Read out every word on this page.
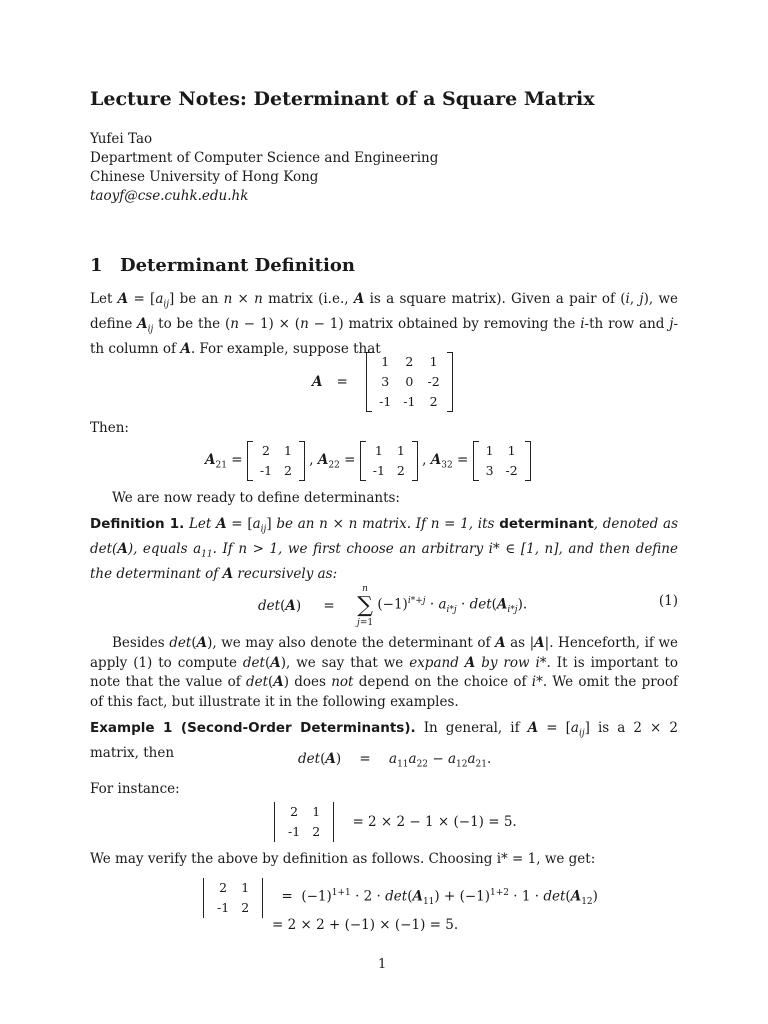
Lecture Notes: Determinant of a Square Matrix
Yufei Tao
Department of Computer Science and Engineering
Chinese University of Hong Kong
taoyf@cse.cuhk.edu.hk
1 Determinant Definition
Let $A = [a_{ij}]$ be an n × n matrix (i.e., A is a square matrix). Given a pair of (i, j), we define $A_{ij}$ to be the (n − 1) × (n − 1) matrix obtained by removing the i-th row and j-th column of A. For example, suppose that
A =
1	2	1
3	0	-2
-1	-1	2
Then:
$A_{21}$ =
2	1
-1	2
, $A_{22}$ =
1	1
-1	2
, $A_{32}$ =
1	1
3	-2
We are now ready to define determinants:
Definition 1. Let $A = [a_{ij}]$ be an n × n matrix. If n = 1, its determinant, denoted as det(A), equals $a_{11}$. If n > 1, we first choose an arbitrary i* ∈ [1, n], and then define the determinant of A recursively as:
det(A) =
n
∑
j=1
$(-1)^{i*+j} \cdot a_{i*j} \cdot \det(A_{i*j})$.	(1)
Besides det(A), we may also denote the determinant of A as |A|. Henceforth, if we apply (1) to compute det(A), we say that we expand A by row i*. It is important to note that the value of det(A) does not depend on the choice of i*. We omit the proof of this fact, but illustrate it in the following examples.
Example 1 (Second-Order Determinants). In general, if $A = [a_{ij}]$ is a 2 × 2 matrix, then	$\det(A) = a_{11}a_{22} - a_{12}a_{21}$.
For instance:
2	1
-1	2
= 2 × 2 − 1 × (−1) = 5.
We may verify the above by definition as follows. Choosing i* = 1, we get:
2	1
-1	2
=  $(-1)^{1+1} \cdot 2 \cdot \det(A_{11}) + (-1)^{1+2} \cdot 1 \cdot \det(A_{12})$
= 2 × 2 + (−1) × (−1) = 5.
1
